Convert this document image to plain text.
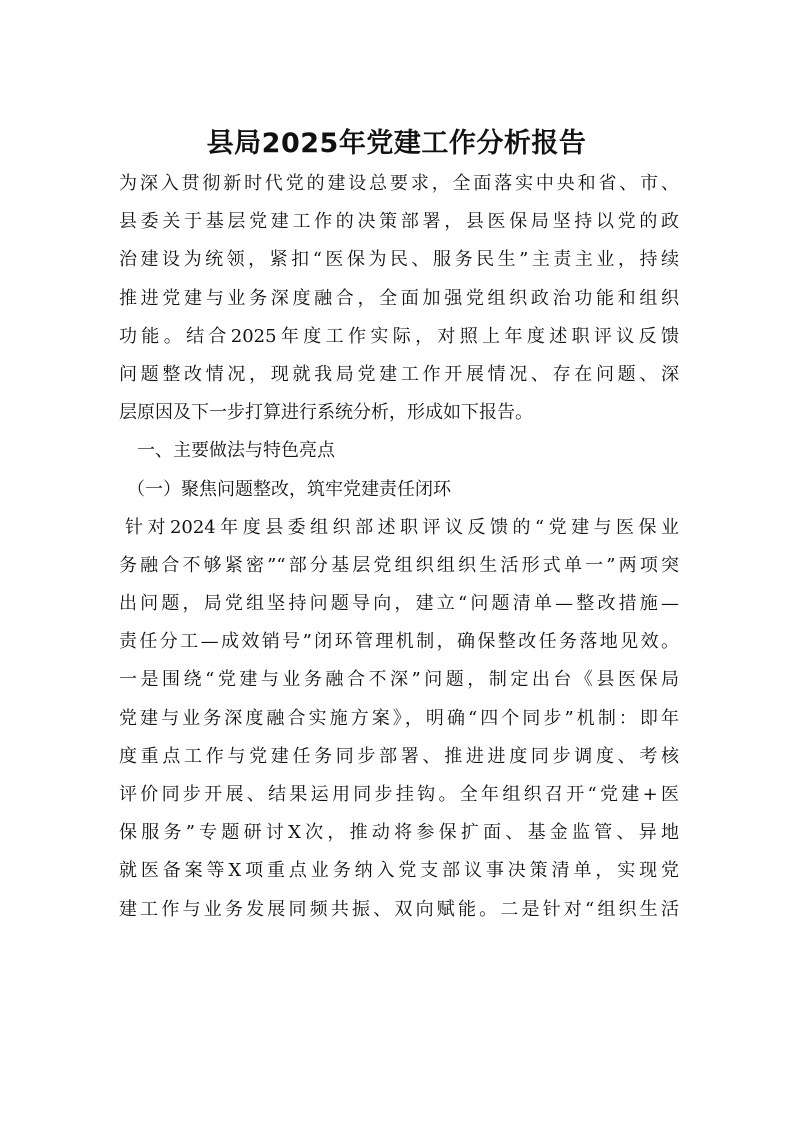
县局2025年党建工作分析报告
为深入贯彻新时代党的建设总要求，全面落实中央和省、市、
县委关于基层党建工作的决策部署，县医保局坚持以党的政
治建设为统领，紧扣“医保为民、服务民生”主责主业，持续
推进党建与业务深度融合，全面加强党组织政治功能和组织
功能。结合2025年度工作实际，对照上年度述职评议反馈
问题整改情况，现就我局党建工作开展情况、存在问题、深
层原因及下一步打算进行系统分析，形成如下报告。
一、主要做法与特色亮点
（一）聚焦问题整改，筑牢党建责任闭环
针对2024年度县委组织部述职评议反馈的“党建与医保业
务融合不够紧密”“部分基层党组织组织生活形式单一”两项突
出问题，局党组坚持问题导向，建立“问题清单—整改措施—
责任分工—成效销号”闭环管理机制，确保整改任务落地见效。
一是围绕“党建与业务融合不深”问题，制定出台《县医保局
党建与业务深度融合实施方案》，明确“四个同步”机制：即年
度重点工作与党建任务同步部署、推进进度同步调度、考核
评价同步开展、结果运用同步挂钩。全年组织召开“党建+医
保服务”专题研讨X次，推动将参保扩面、基金监管、异地
就医备案等X项重点业务纳入党支部议事决策清单，实现党
建工作与业务发展同频共振、双向赋能。二是针对“组织生活
